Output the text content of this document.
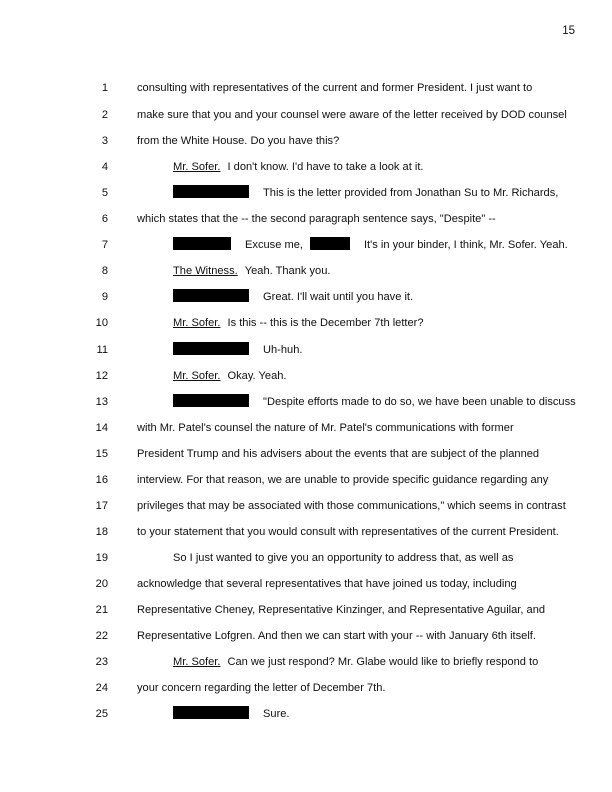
15
1	consulting with representatives of the current and former President. I just want to
2	make sure that you and your counsel were aware of the letter received by DOD counsel
3	from the White House. Do you have this?
4	Mr. Sofer. I don't know. I'd have to take a look at it.
5	This is the letter provided from Jonathan Su to Mr. Richards,
6	which states that the -- the second paragraph sentence says, "Despite" --
7	Excuse me,	It's in your binder, I think, Mr. Sofer. Yeah.
8	The Witness. Yeah. Thank you.
9	Great. I'll wait until you have it.
10	Mr. Sofer. Is this -- this is the December 7th letter?
11	Uh-huh.
12	Mr. Sofer. Okay. Yeah.
13	"Despite efforts made to do so, we have been unable to discuss
14	with Mr. Patel's counsel the nature of Mr. Patel's communications with former
15	President Trump and his advisers about the events that are subject of the planned
16	interview. For that reason, we are unable to provide specific guidance regarding any
17	privileges that may be associated with those communications," which seems in contrast
18	to your statement that you would consult with representatives of the current President.
19	So I just wanted to give you an opportunity to address that, as well as
20	acknowledge that several representatives that have joined us today, including
21	Representative Cheney, Representative Kinzinger, and Representative Aguilar, and
22	Representative Lofgren. And then we can start with your -- with January 6th itself.
23	Mr. Sofer. Can we just respond? Mr. Glabe would like to briefly respond to
24	your concern regarding the letter of December 7th.
25	Sure.
